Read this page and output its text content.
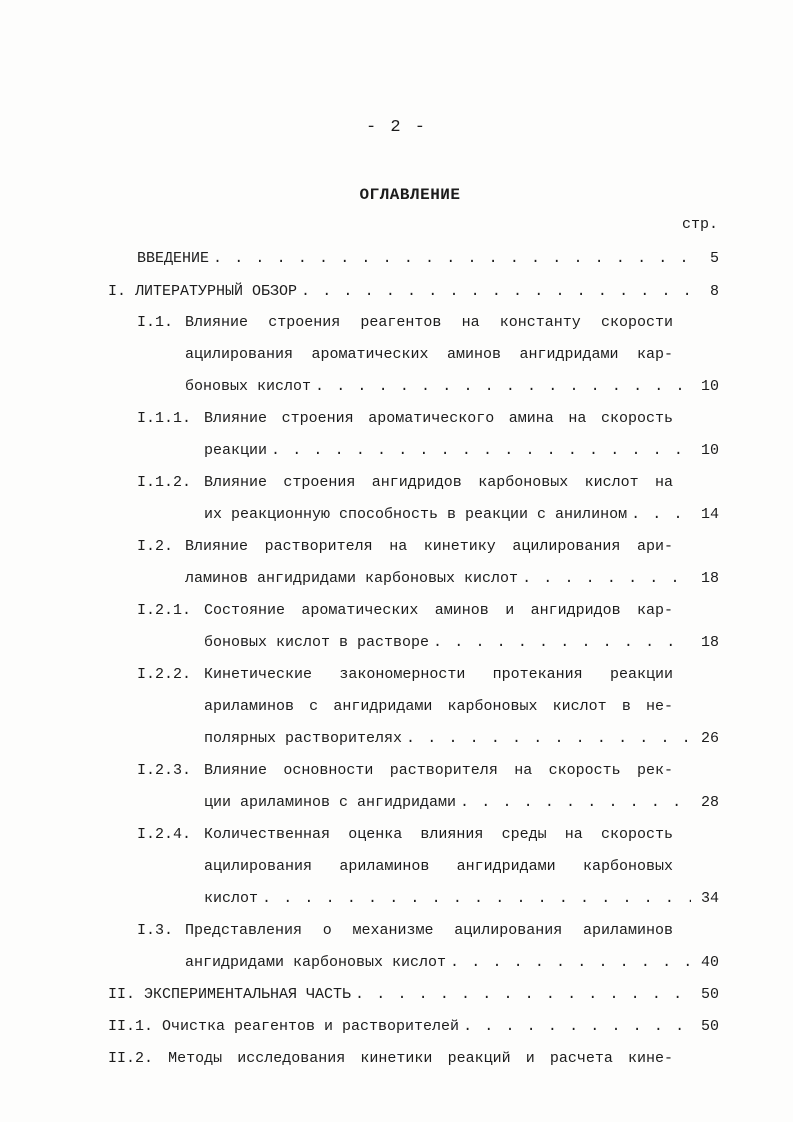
- 2 -
ОГЛАВЛЕНИЕ
стр.
ВВЕДЕНИЕ . . .	5
I. ЛИТЕРАТУРНЫЙ ОБЗОР . . .	8
I.1. Влияние строения реагентов на константу скорости
ацилирования ароматических аминов ангидридами кар-
боновых кислот . . .	10
I.1.1. Влияние строения ароматического амина на скорость
реакции . . .	10
I.1.2. Влияние строения ангидридов карбоновых кислот на
их реакционную способность в реакции с анилином . . .	14
I.2. Влияние растворителя на кинетику ацилирования ари-
ламинов ангидридами карбоновых кислот . . .	18
I.2.1. Состояние ароматических аминов и ангидридов кар-
боновых кислот в растворе . . .	18
I.2.2. Кинетические закономерности протекания реакции
ариламинов с ангидридами карбоновых кислот в не-
полярных растворителях . . .	26
I.2.3. Влияние основности растворителя на скорость рек-
ции ариламинов с ангидридами . . .	28
I.2.4. Количественная оценка влияния среды на скорость
ацилирования ариламинов ангидридами карбоновых
кислот . . .	34
I.3. Представления о механизме ацилирования ариламинов
ангидридами карбоновых кислот . . .	40
II. ЭКСПЕРИМЕНТАЛЬНАЯ ЧАСТЬ . . .	50
II.1. Очистка реагентов и растворителей . . .	50
II.2. Методы исследования кинетики реакций и расчета кине-
